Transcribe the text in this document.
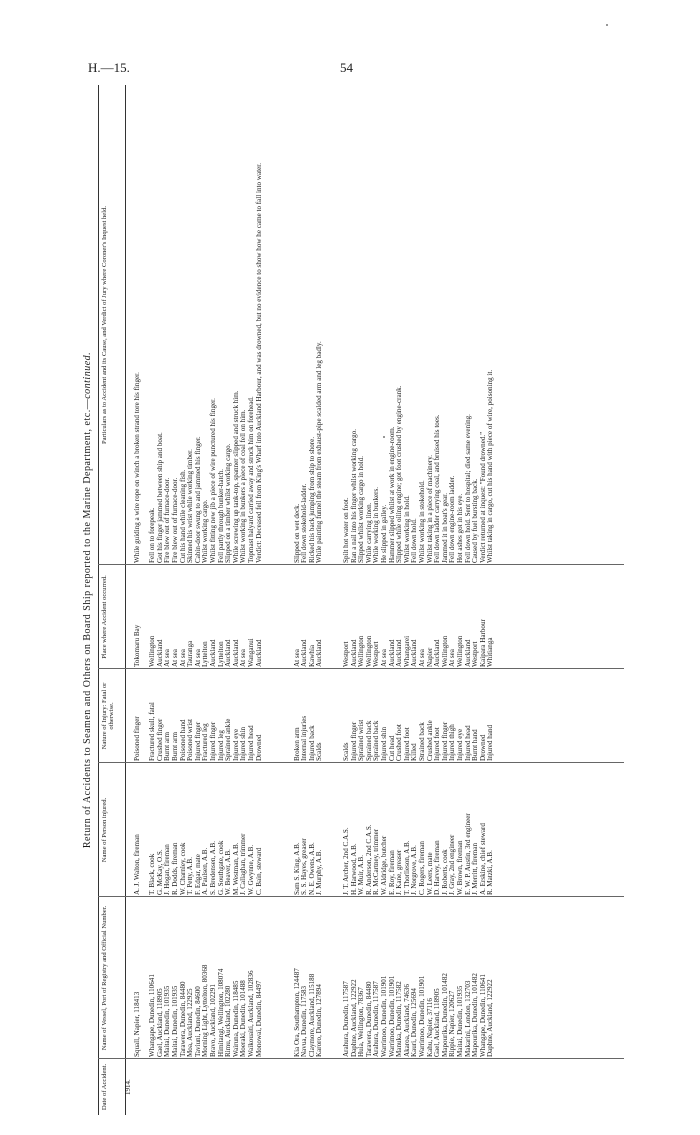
H.—15.	54
Return of Accidents to Seamen and Others on Board Ship reported to the Marine Department, etc.—continued.
Date of Accident.
Name of Vessel, Port of Registry and Official Number.
Name of Person injured.
Nature of Injury: Fatal or otherwise.
Place where Accident occurred.
Particulars as to Accident and its Cause, and Verdict of Jury where Coroner's Inquest held.
1914.
Squall, Napier, 118413
A. J. Walton, fireman
Poisoned finger
Tokomaru Bay
While guiding a wire rope on winch a broken strand tore his finger.
Whangape, Dunedin, 110641
T. Black, cook
Fractured skull, fatal
Wellington
Fell on to forepeak.
Gael, Auckland, 118905
G. McKay, O.S.
Crushed finger
Auckland
Got his finger jammed between ship and boat.
Maitai, Dunedin, 101935
J. Hogan, fireman
Burnt arm
At sea
Fire blew out of furnace-door.
Maitai, Dunedin, 101935
R. Dodds, fireman
Burnt arm
At sea
Fire blew out of furnace-door.
Tarawera, Dunedin, 84480
W. Charnley, cook
Poisoned hand
At sea
Cut his hand while cleaning fish.
Moa, Auckland, 122925
T. Petty, A.B.
Poisoned wrist
Tauranga
Skinned his wrist while working timber.
Taviuni, Dunedin, 84600
F. Edgar, mate
Injured finger
At sea
Cabin-door swung to and jammed his finger.
Morning Light, Lyttelton, 80368
A. Paulsen, A.B.
Fractured leg
Lyttelton
Whilst working cargo.
Bravo, Auckland, 102291
S. Bredensen, A.B.
Injured finger
Auckland
Whilst fitting new jib a piece of wire punctured his finger.
Himitangi, Wellington, 108074
G. Southgate, cook
Injured leg
Lyttelton
Fell partly through bunker-hatch.
Rimu, Auckland, 102280
W. Beaver, A.B.
Sprained ankle
Auckland
Slipped on a timber whilst working cargo.
Wairuna, Dunedin, 118485
M. Westman, A.B.
Injured eye
Auckland
While screwing up tank-top, spanner slipped and struck him.
Moeraki, Dunedin, 101488
J. Callaghan, trimmer
Injured shin
At sea
Whilst working in bunkers a piece of coal fell on him.
Waikouaiti, Auckland, 102836
W. Gwynne, A.B.
Injured head
Wanganui
Topmast halyard carried away and struck him on forehead.
Monowai, Dunedin, 84497
C. Bain, steward
Drowned
Auckland
Verdict: Deceased fell from King's Wharf into Auckland Harbour, and was drowned, but no evidence to show how he came to fall into water.
Kia Ora, Southampton, 124487
Sam S. King, A.B.
Broken arm
At sea
Slipped on wet deck.
Navua, Dunedin, 117583
S. S. Hayes, greaser
Internal injuries
Auckland
Fell down stokehold-ladder.
Claymore, Auckland, 115188
N. E. Owens, A.B.
Injured back
Kawhia
Ricked his back jumping from ship to shore.
Karoro, Dunedin, 127894
J. Murphy, A.B.
Scalds
Auckland
While painting funnel the steam from exhaust-pipe scalded arm and leg badly.
Arahura, Dunedin, 117587
J. T. Archer, 2nd C.A.S.
Scalds
Westport
Spilt hot water on foot.
Daphne, Auckland, 122922
H. Harwood, A.B.
Injured finger
Auckland
Ran a nail into his finger whilst working cargo.
Huia, Wellington, 78367
W. Muir, A.B.
Sprained wrist
Wellington
Slipped whilst working cargo in hold.
Tarawera, Dunedin, 84480
R. Anderson, 2nd C.A.S.
Sprained back
Wellington
While carrying linen.
Arahura, Dunedin, 117587
R. McCartney, trimmer
Sprained back
Westport
While working in bunkers.
Warrimoo, Dunedin, 101901
W. Aldridge, butcher
Injured shin
At sea
He slipped in galley.
Warrimoo, Dunedin, 101901
E. Roy, fireman
Cut head
Auckland
Hammer slipped whilst at work in engine-room.
Manuka, Dunedin, 117582
J. Kane, greaser
Crushed foot
Auckland
Slipped while oiling engine; got foot crushed by engine-crank.
Akaroa, Auckland, 74636
T. Thorlieson, A.B.
Injured foot
Whangarei
Whilst working in hold.
Kauri, Dunedin, 125694
J. Norgrove, A.B.
Killed
Auckland
Fell down hold.
Warrimoo, Dunedin, 101901
C. Rogers, fireman
Strained back
At sea
Whilst working in stokehold.
Kahu, Napier, 37116
W. Leers, mate
Crushed ankle
Napier
Whilst taking in a piece of machinery.
Gael, Auckland, 118905
D. Harvey, fireman
Injured foot
Auckland
Fell down ladder carrying coal, and bruised his toes.
Mapourika, Dunedin, 101482
J. Roberts, cook
Injured finger
Wellington
Jammed it in boat's gear.
Rippie, Napier, 120627
J. Gray, 2nd engineer
Injured thigh
At sea
Fell down engine-room ladder.
Maitai, Dunedin, 101935
W. Brown, fireman
Injured eye
Wellington
Hot ashes got in his eye.
Makarini, London, 132703
E. W. P. Austin, 3rd engineer
Injured head
Auckland
Fell down hold. Sent to hospital; died same evening.
Mapourika, Dunedin, 101482
J. Merritt, fireman
Burnt hand
Westport
Caused by fuel bursting back.
Whangape, Dunedin, 110641
A. Erskine, chief steward
Drowned
Kaipara Harbour
Verdict returned at inquest: "Found drowned."
Daphne, Auckland, 122922
R. Matzki, A.B.
Injured hand
Whitianga
Whilst taking in cargo, cut his hand with piece of wire, poisoning it.
